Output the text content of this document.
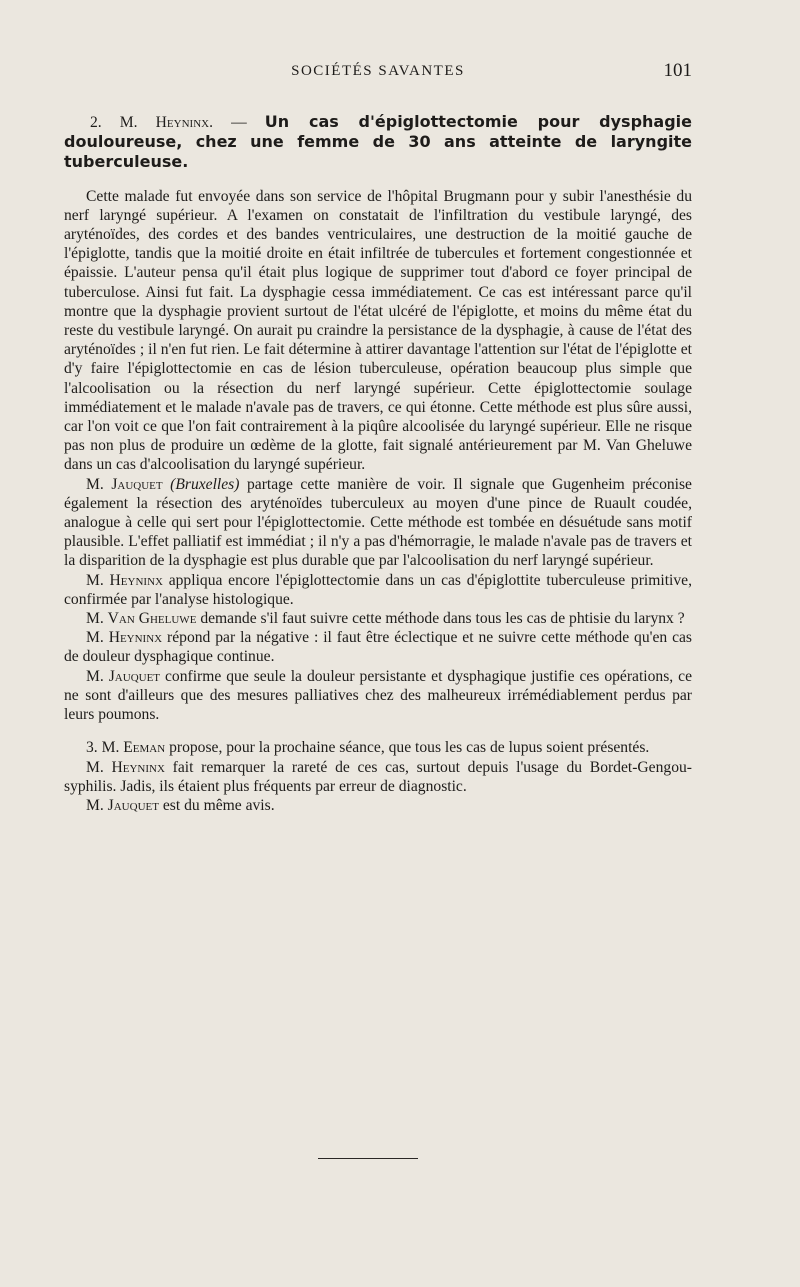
SOCIÉTÉS SAVANTES	101

2. M. Heyninx. — Un cas d'épiglottectomie pour dysphagie douloureuse, chez une femme de 30 ans atteinte de laryngite tuberculeuse.

Cette malade fut envoyée dans son service de l'hôpital Brugmann pour y subir l'anesthésie du nerf laryngé supérieur. A l'examen on constatait de l'infiltration du vestibule laryngé, des aryténoïdes, des cordes et des bandes ventriculaires, une destruction de la moitié gauche de l'épiglotte, tandis que la moitié droite en était infiltrée de tubercules et fortement congestionnée et épaissie. L'auteur pensa qu'il était plus logique de supprimer tout d'abord ce foyer principal de tuberculose. Ainsi fut fait. La dysphagie cessa immédiatement. Ce cas est intéressant parce qu'il montre que la dysphagie provient surtout de l'état ulcéré de l'épiglotte, et moins du même état du reste du vestibule laryngé. On aurait pu craindre la persistance de la dysphagie, à cause de l'état des aryténoïdes ; il n'en fut rien. Le fait détermine à attirer davantage l'attention sur l'état de l'épiglotte et d'y faire l'épiglottectomie en cas de lésion tuberculeuse, opération beaucoup plus simple que l'alcoolisation ou la résection du nerf laryngé supérieur. Cette épiglottectomie soulage immédiatement et le malade n'avale pas de travers, ce qui étonne. Cette méthode est plus sûre aussi, car l'on voit ce que l'on fait contrairement à la piqûre alcoolisée du laryngé supérieur. Elle ne risque pas non plus de produire un œdème de la glotte, fait signalé antérieurement par M. Van Gheluwe dans un cas d'alcoolisation du laryngé supérieur.

M. Jauquet (Bruxelles) partage cette manière de voir. Il signale que Gugenheim préconise également la résection des aryténoïdes tuberculeux au moyen d'une pince de Ruault coudée, analogue à celle qui sert pour l'épiglottectomie. Cette méthode est tombée en désuétude sans motif plausible. L'effet palliatif est immédiat ; il n'y a pas d'hémorragie, le malade n'avale pas de travers et la disparition de la dysphagie est plus durable que par l'alcoolisation du nerf laryngé supérieur.

M. Heyninx appliqua encore l'épiglottectomie dans un cas d'épiglottite tuberculeuse primitive, confirmée par l'analyse histologique.

M. Van Gheluwe demande s'il faut suivre cette méthode dans tous les cas de phtisie du larynx ?

M. Heyninx répond par la négative : il faut être éclectique et ne suivre cette méthode qu'en cas de douleur dysphagique continue.

M. Jauquet confirme que seule la douleur persistante et dysphagique justifie ces opérations, ce ne sont d'ailleurs que des mesures palliatives chez des malheureux irrémédiablement perdus par leurs poumons.

3. M. Eeman propose, pour la prochaine séance, que tous les cas de lupus soient présentés.

M. Heyninx fait remarquer la rareté de ces cas, surtout depuis l'usage du Bordet-Gengou-syphilis. Jadis, ils étaient plus fréquents par erreur de diagnostic.

M. Jauquet est du même avis.
